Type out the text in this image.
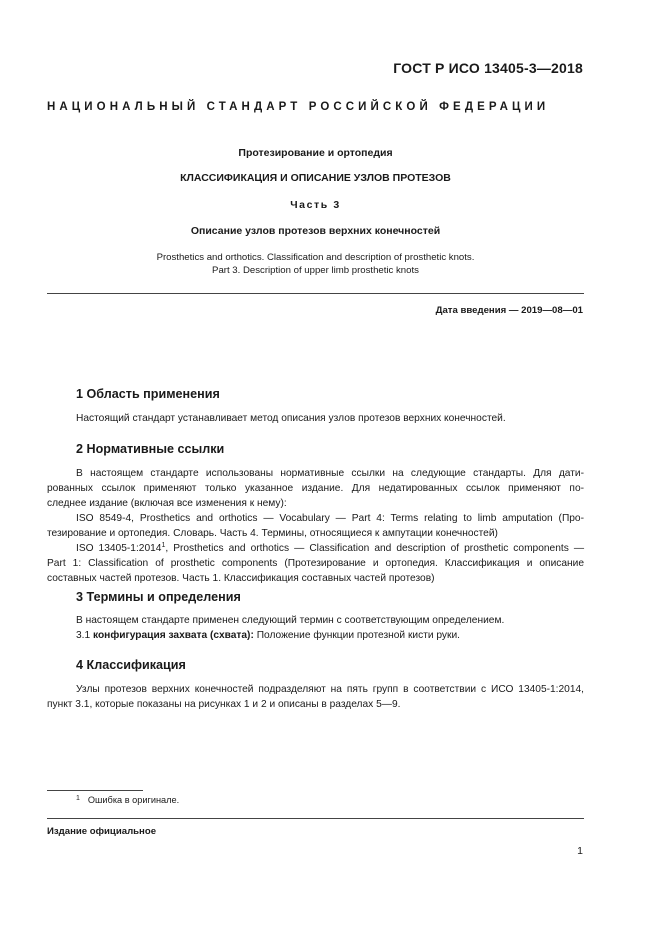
ГОСТ Р ИСО 13405-3—2018
НАЦИОНАЛЬНЫЙ СТАНДАРТ РОССИЙСКОЙ ФЕДЕРАЦИИ
Протезирование и ортопедия
КЛАССИФИКАЦИЯ И ОПИСАНИЕ УЗЛОВ ПРОТЕЗОВ
Часть 3
Описание узлов протезов верхних конечностей
Prosthetics and orthotics. Classification and description of prosthetic knots.
Part 3. Description of upper limb prosthetic knots
Дата введения — 2019—08—01
1 Область применения

Настоящий стандарт устанавливает метод описания узлов протезов верхних конечностей.

2 Нормативные ссылки

В настоящем стандарте использованы нормативные ссылки на следующие стандарты. Для дати-

рованных ссылок применяют только указанное издание. Для недатированных ссылок применяют по-

следнее издание (включая все изменения к нему):

ISO 8549-4, Prosthetics and orthotics — Vocabulary — Part 4: Terms relating to limb amputation (Про-

тезирование и ортопедия. Словарь. Часть 4. Термины, относящиеся к ампутации конечностей)

ISO 13405-1:2014$^1$, Prosthetics and orthotics — Classification and description of prosthetic components —

Part 1: Classification of prosthetic components (Протезирование и ортопедия. Классификация и описание

составных частей протезов. Часть 1. Классификация составных частей протезов)

3 Термины и определения

В настоящем стандарте применен следующий термин с соответствующим определением.

3.1 конфигурация захвата (схвата): Положение функции протезной кисти руки.

4 Классификация

Узлы протезов верхних конечностей подразделяют на пять групп в соответствии с ИСО 13405-1:2014,

пункт 3.1, которые показаны на рисунках 1 и 2 и описаны в разделах 5—9.

$^1$ Ошибка в оригинале.
Издание официальное
1
